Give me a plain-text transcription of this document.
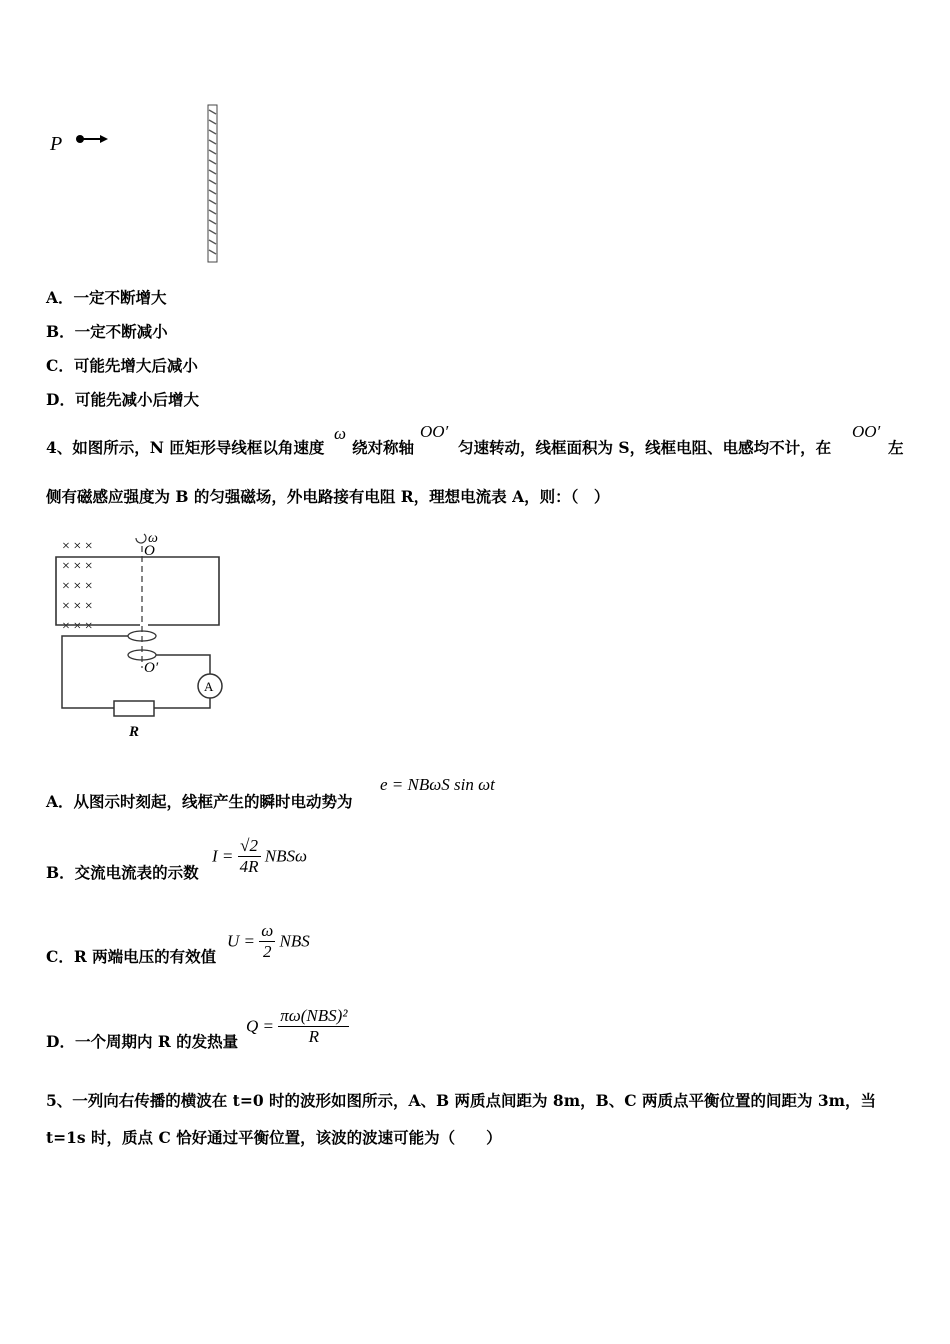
P
A．一定不断增大
B．一定不断减小
C．可能先增大后减小
D．可能先减小后增大
4、如图所示，N 匝矩形导线框以角速度
ω
绕对称轴
OO′
匀速转动，线框面积为 S，线框电阻、电感均不计，在
OO′
左
侧有磁感应强度为 B 的匀强磁场，外电路接有电阻 R，理想电流表 A，则：（　）
× × ×
× × ×
× × ×
× × ×
× × ×
ω
O
O′
A
R
A．从图示时刻起，线框产生的瞬时电动势为
e = NBωS sin ωt
B．交流电流表的示数
$I = \frac{√2}{4R}$ NBSω
C．R 两端电压的有效值
$U = \frac{\omega}{2}$ NBS
D．一个周期内 R 的发热量
$Q = \frac{\text{πω(NBS)²}}{R}$
5、一列向右传播的横波在 t=0 时的波形如图所示，A、B 两质点间距为 8m，B、C 两质点平衡位置的间距为 3m，当
t=1s 时，质点 C 恰好通过平衡位置，该波的波速可能为（　　）
